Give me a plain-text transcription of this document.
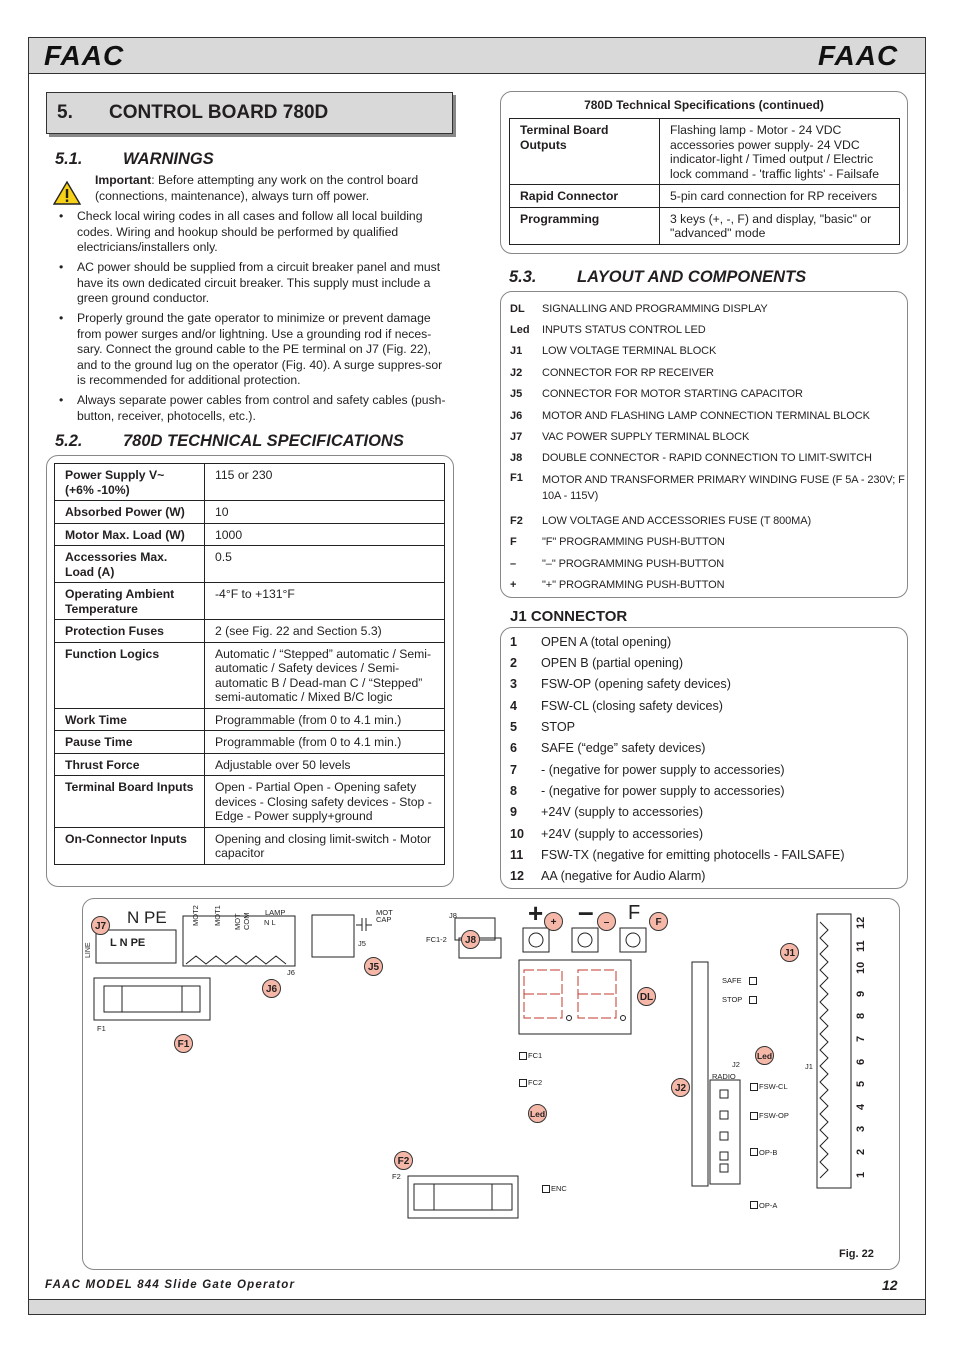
FAAC	FAAC
5. CONTROL BOARD 780D
5.1. WARNINGS
Important: Before attempting any work on the control board (connections, maintenance), always turn off power.
• Check local wiring codes in all cases and follow all local building codes. Wiring and hookup should be performed by qualified electricians/installers only.
• AC power should be supplied from a circuit breaker panel and must have its own dedicated circuit breaker. This supply must include a green ground conductor.
• Properly ground the gate operator to minimize or prevent damage from power surges and/or lightning. Use a grounding rod if neces-sary. Connect the ground cable to the PE terminal on J7 (Fig. 22), and to the ground lug on the operator (Fig. 40). A surge suppres-sor is recommended for additional protection.
• Always separate power cables from control and safety cables (push-button, receiver, photocells, etc.).
5.2. 780D TECHNICAL SPECIFICATIONS
Power Supply V~ (+6% -10%)	115 or 230
Absorbed Power (W)	10
Motor Max. Load (W)	1000
Accessories Max. Load (A)	0.5
Operating Ambient Temperature	-4°F to +131°F
Protection Fuses	2 (see Fig. 22 and Section 5.3)
Function Logics	Automatic / “Stepped” automatic / Semi-automatic / Safety devices / Semi-automatic B / Dead-man C / “Stepped” semi-automatic / Mixed B/C logic
Work Time	Programmable (from 0 to 4.1 min.)
Pause Time	Programmable (from 0 to 4.1 min.)
Thrust Force	Adjustable over 50 levels
Terminal Board Inputs	Open - Partial Open - Opening safety devices - Closing safety devices - Stop - Edge - Power supply+ground
On-Connector Inputs	Opening and closing limit-switch - Motor capacitor
780D Technical Specifications (continued)
Terminal Board Outputs	Flashing lamp - Motor - 24 VDC accessories power supply- 24 VDC indicator-light / Timed output / Electric lock command - 'traffic lights' - Failsafe
Rapid Connector	5-pin card connection for RP receivers
Programming	3 keys (+, -, F) and display, "basic" or "advanced" mode
5.3. LAYOUT AND COMPONENTS
DL	SIGNALLING AND PROGRAMMING DISPLAY
Led	INPUTS STATUS CONTROL LED
J1	LOW VOLTAGE TERMINAL BLOCK
J2	CONNECTOR FOR RP RECEIVER
J5	CONNECTOR FOR MOTOR STARTING CAPACITOR
J6	MOTOR AND FLASHING LAMP CONNECTION TERMINAL BLOCK
J7	VAC POWER SUPPLY TERMINAL BLOCK
J8	DOUBLE CONNECTOR - RAPID CONNECTION TO LIMIT-SWITCH
F1	MOTOR AND TRANSFORMER PRIMARY WINDING FUSE (F 5A - 230V; F 10A - 115V)
F2	LOW VOLTAGE AND ACCESSORIES FUSE (T 800MA)
F	"F" PROGRAMMING PUSH-BUTTON
–	"–" PROGRAMMING PUSH-BUTTON
+	"+" PROGRAMMING PUSH-BUTTON
J1 CONNECTOR
1	OPEN A (total opening)
2	OPEN B (partial opening)
3	FSW-OP (opening safety devices)
4	FSW-CL (closing safety devices)
5	STOP
6	SAFE (“edge” safety devices)
7	- (negative for power supply to accessories)
8	- (negative for power supply to accessories)
9	+24V (supply to accessories)
10	+24V (supply to accessories)
11	FSW-TX (negative for emitting photocells - FAILSAFE)
12	AA (negative for Audio Alarm)
N PE
LINE L N PE
MOT2 MOT1 MOT COM LAMP
N L
J6
F1
J5
MOT CAP	J8
FC1-2
+ – F
FC1
FC2
ENC
J2
RADIO
J1
SAFE
STOP
FSW-CL
FSW-OP
OP-B
OP-A
F2
Fig. 22
12
11
10
9
8
7
6
5
4
3
2
1
J7
J6
F1
J5
J8
+	–	F
DL
J1
Led
Led
J2
F2
FAAC MODEL 844 Slide Gate Operator	12
